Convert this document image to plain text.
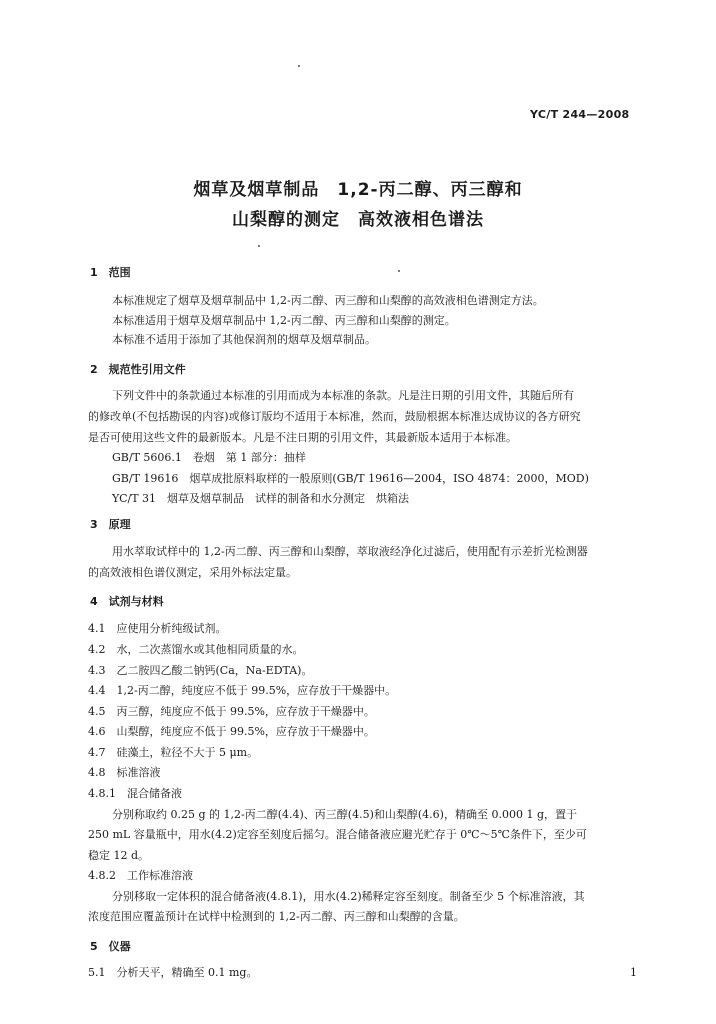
YC/T 244—2008
烟草及烟草制品　1,2-丙二醇、丙三醇和
山梨醇的测定　高效液相色谱法
1　范围
本标准规定了烟草及烟草制品中 1,2-丙二醇、丙三醇和山梨醇的高效液相色谱测定方法。
本标准适用于烟草及烟草制品中 1,2-丙二醇、丙三醇和山梨醇的测定。
本标准不适用于添加了其他保润剂的烟草及烟草制品。
2　规范性引用文件
下列文件中的条款通过本标准的引用而成为本标准的条款。凡是注日期的引用文件，其随后所有
的修改单(不包括勘误的内容)或修订版均不适用于本标准，然而，鼓励根据本标准达成协议的各方研究
是否可使用这些文件的最新版本。凡是不注日期的引用文件，其最新版本适用于本标准。
GB/T 5606.1　卷烟　第 1 部分：抽样
GB/T 19616　烟草成批原料取样的一般原则(GB/T 19616—2004，ISO 4874：2000，MOD)
YC/T 31　烟草及烟草制品　试样的制备和水分测定　烘箱法
3　原理
用水萃取试样中的 1,2-丙二醇、丙三醇和山梨醇，萃取液经净化过滤后，使用配有示差折光检测器
的高效液相色谱仪测定，采用外标法定量。
4　试剂与材料
4.1　应使用分析纯级试剂。
4.2　水，二次蒸馏水或其他相同质量的水。
4.3　乙二胺四乙酸二钠钙(Ca，Na-EDTA)。
4.4　1,2-丙二醇，纯度应不低于 99.5%，应存放于干燥器中。
4.5　丙三醇，纯度应不低于 99.5%，应存放于干燥器中。
4.6　山梨醇，纯度应不低于 99.5%，应存放于干燥器中。
4.7　硅藻土，粒径不大于 5 μm。
4.8　标准溶液
4.8.1　混合储备液
分别称取约 0.25 g 的 1,2-丙二醇(4.4)、丙三醇(4.5)和山梨醇(4.6)，精确至 0.000 1 g，置于
250 mL 容量瓶中，用水(4.2)定容至刻度后摇匀。混合储备液应避光贮存于 0℃～5℃条件下，至少可
稳定 12 d。
4.8.2　工作标准溶液
分别移取一定体积的混合储备液(4.8.1)，用水(4.2)稀释定容至刻度。制备至少 5 个标准溶液，其
浓度范围应覆盖预计在试样中检测到的 1,2-丙二醇、丙三醇和山梨醇的含量。
5　仪器
5.1　分析天平，精确至 0.1 mg。	1
